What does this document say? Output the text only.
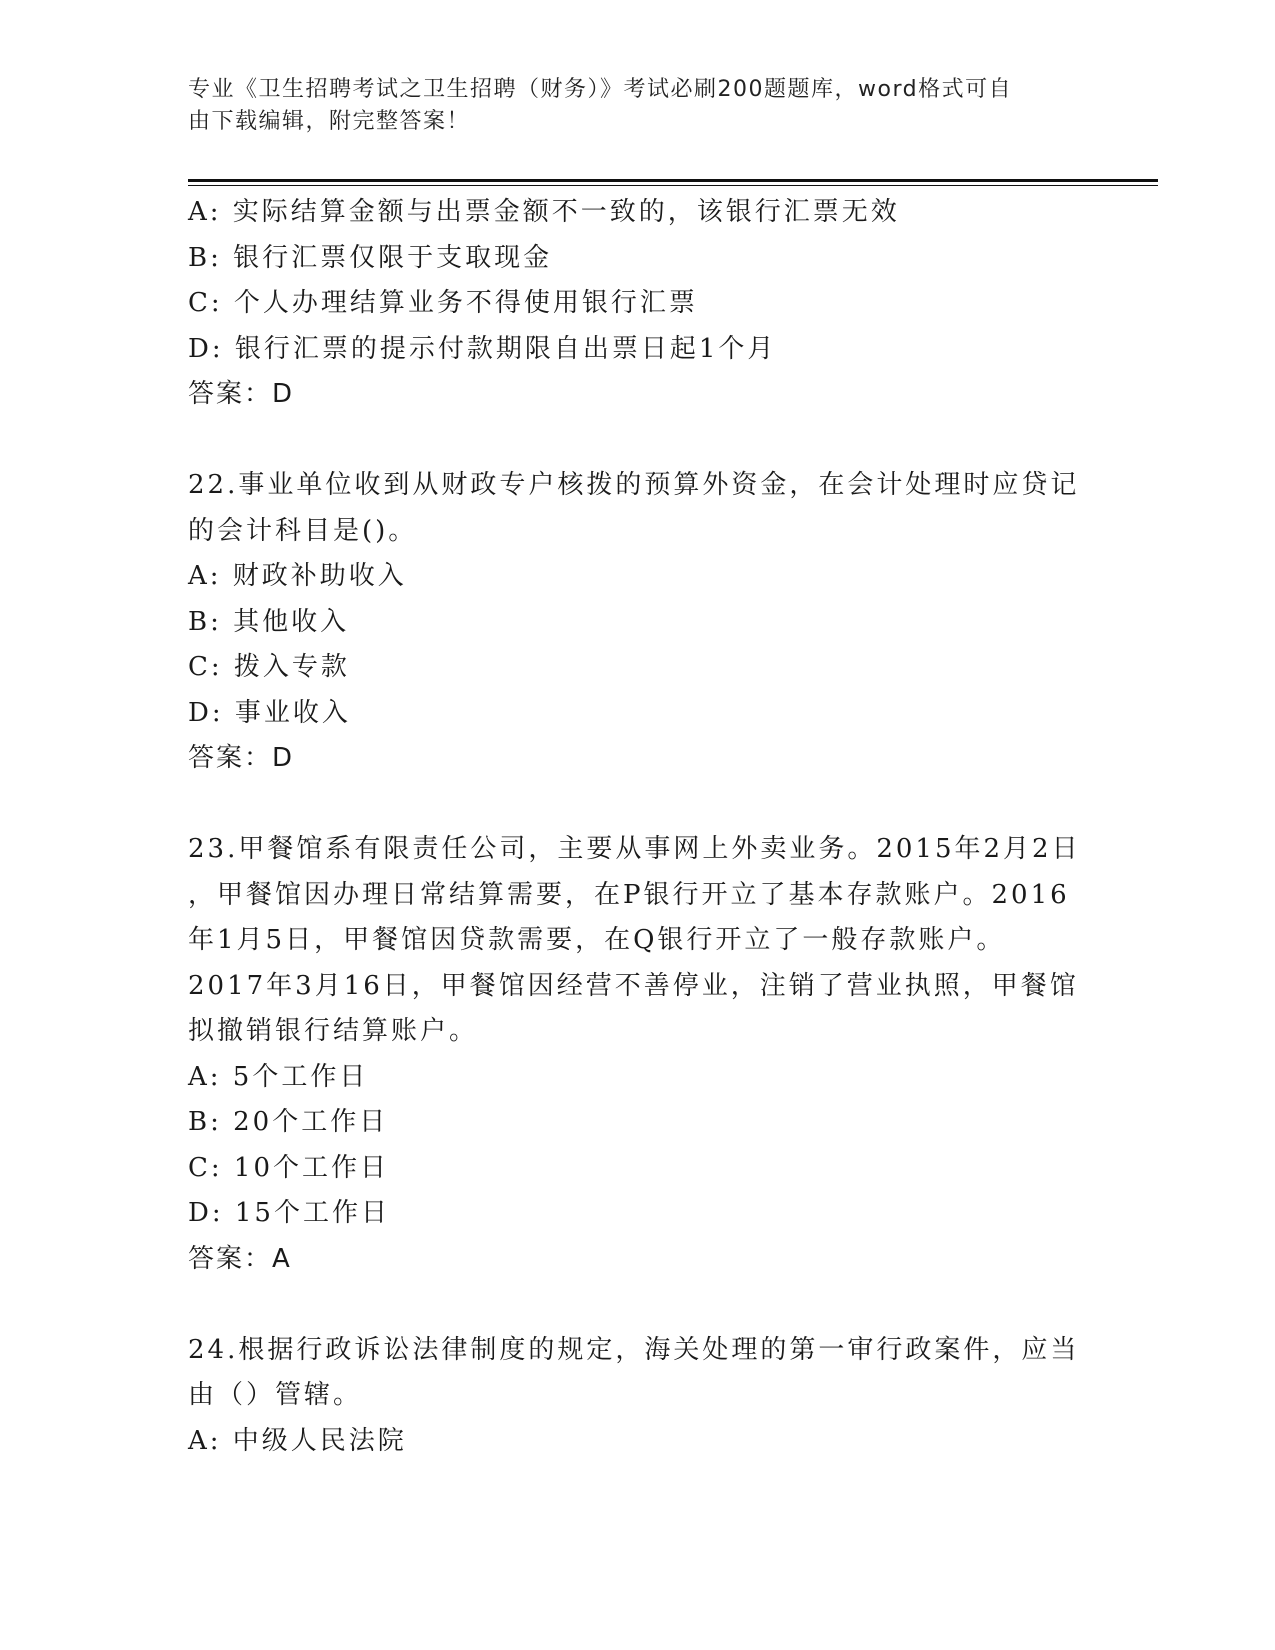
专业《卫生招聘考试之卫生招聘（财务）》考试必刷200题题库，word格式可自
由下载编辑，附完整答案！
A: 实际结算金额与出票金额不一致的，该银行汇票无效
B: 银行汇票仅限于支取现金
C: 个人办理结算业务不得使用银行汇票
D: 银行汇票的提示付款期限自出票日起1个月
答案：D
22.事业单位收到从财政专户核拨的预算外资金，在会计处理时应贷记
的会计科目是()。
A: 财政补助收入
B: 其他收入
C: 拨入专款
D: 事业收入
答案：D
23.甲餐馆系有限责任公司，主要从事网上外卖业务。2015年2月2日
，甲餐馆因办理日常结算需要，在P银行开立了基本存款账户。2016
年1月5日，甲餐馆因贷款需要，在Q银行开立了一般存款账户。
2017年3月16日，甲餐馆因经营不善停业，注销了营业执照，甲餐馆
拟撤销银行结算账户。
A: 5个工作日
B: 20个工作日
C: 10个工作日
D: 15个工作日
答案：A
24.根据行政诉讼法律制度的规定，海关处理的第一审行政案件，应当
由（）管辖。
A: 中级人民法院
